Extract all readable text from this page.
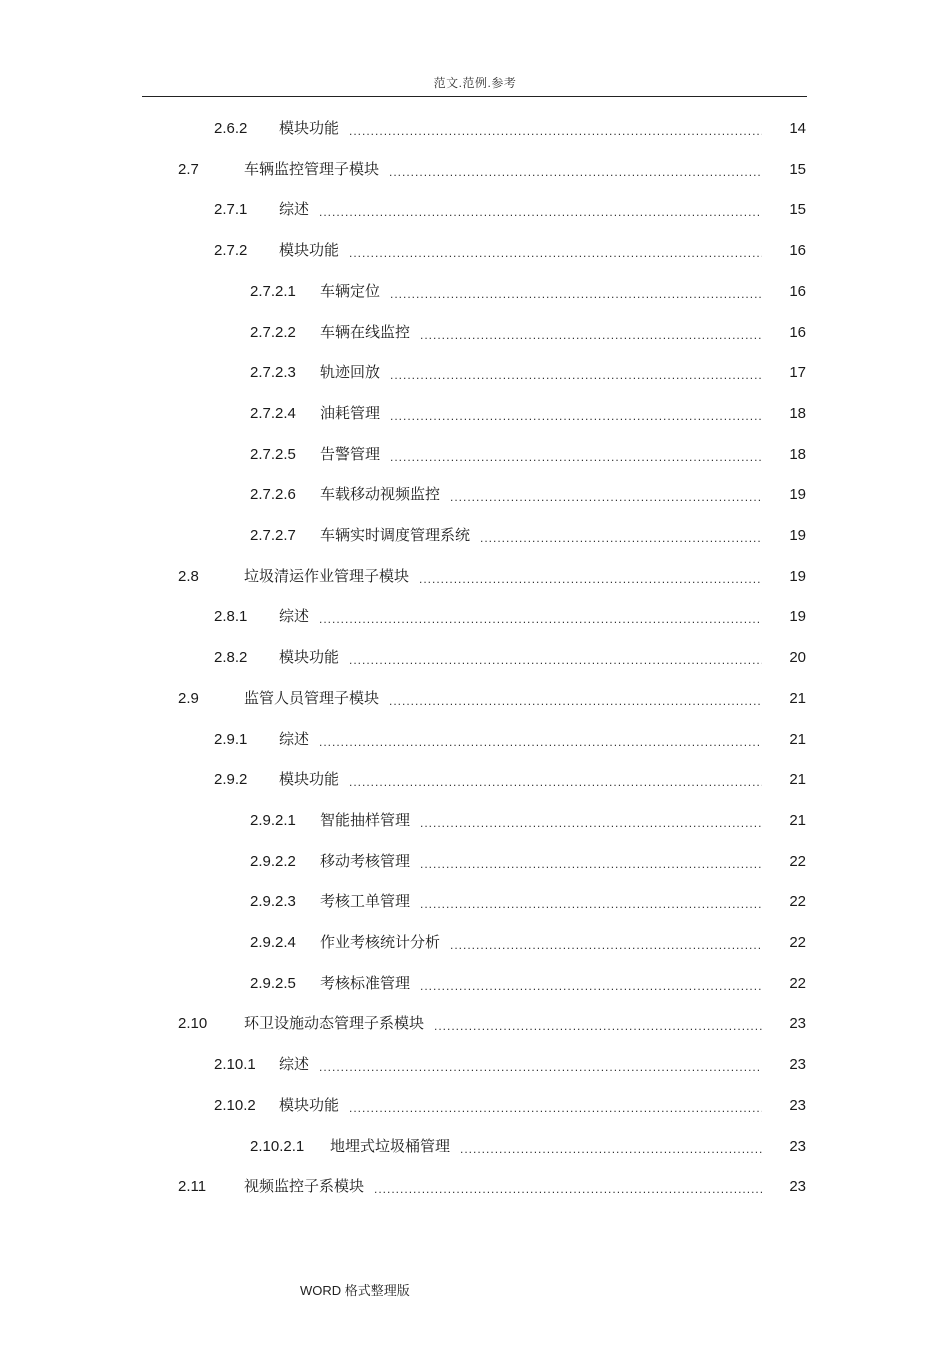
范文.范例.参考
2.6.2	模块功能 .....	14
2.7	车辆监控管理子模块 .....	15
2.7.1	综述 .....	15
2.7.2	模块功能 .....	16
2.7.2.1	车辆定位 .....	16
2.7.2.2	车辆在线监控 .....	16
2.7.2.3	轨迹回放 .....	17
2.7.2.4	油耗管理 .....	18
2.7.2.5	告警管理 .....	18
2.7.2.6	车载移动视频监控 .....	19
2.7.2.7	车辆实时调度管理系统 .....	19
2.8	垃圾清运作业管理子模块 .....	19
2.8.1	综述 .....	19
2.8.2	模块功能 .....	20
2.9	监管人员管理子模块 .....	21
2.9.1	综述 .....	21
2.9.2	模块功能 .....	21
2.9.2.1	智能抽样管理 .....	21
2.9.2.2	移动考核管理 .....	22
2.9.2.3	考核工单管理 .....	22
2.9.2.4	作业考核统计分析 .....	22
2.9.2.5	考核标准管理 .....	22
2.10	环卫设施动态管理子系模块 .....	23
2.10.1	综述 .....	23
2.10.2	模块功能 .....	23
2.10.2.1	地埋式垃圾桶管理 .....	23
2.11	视频监控子系模块 .....	23
WORD 格式整理版
